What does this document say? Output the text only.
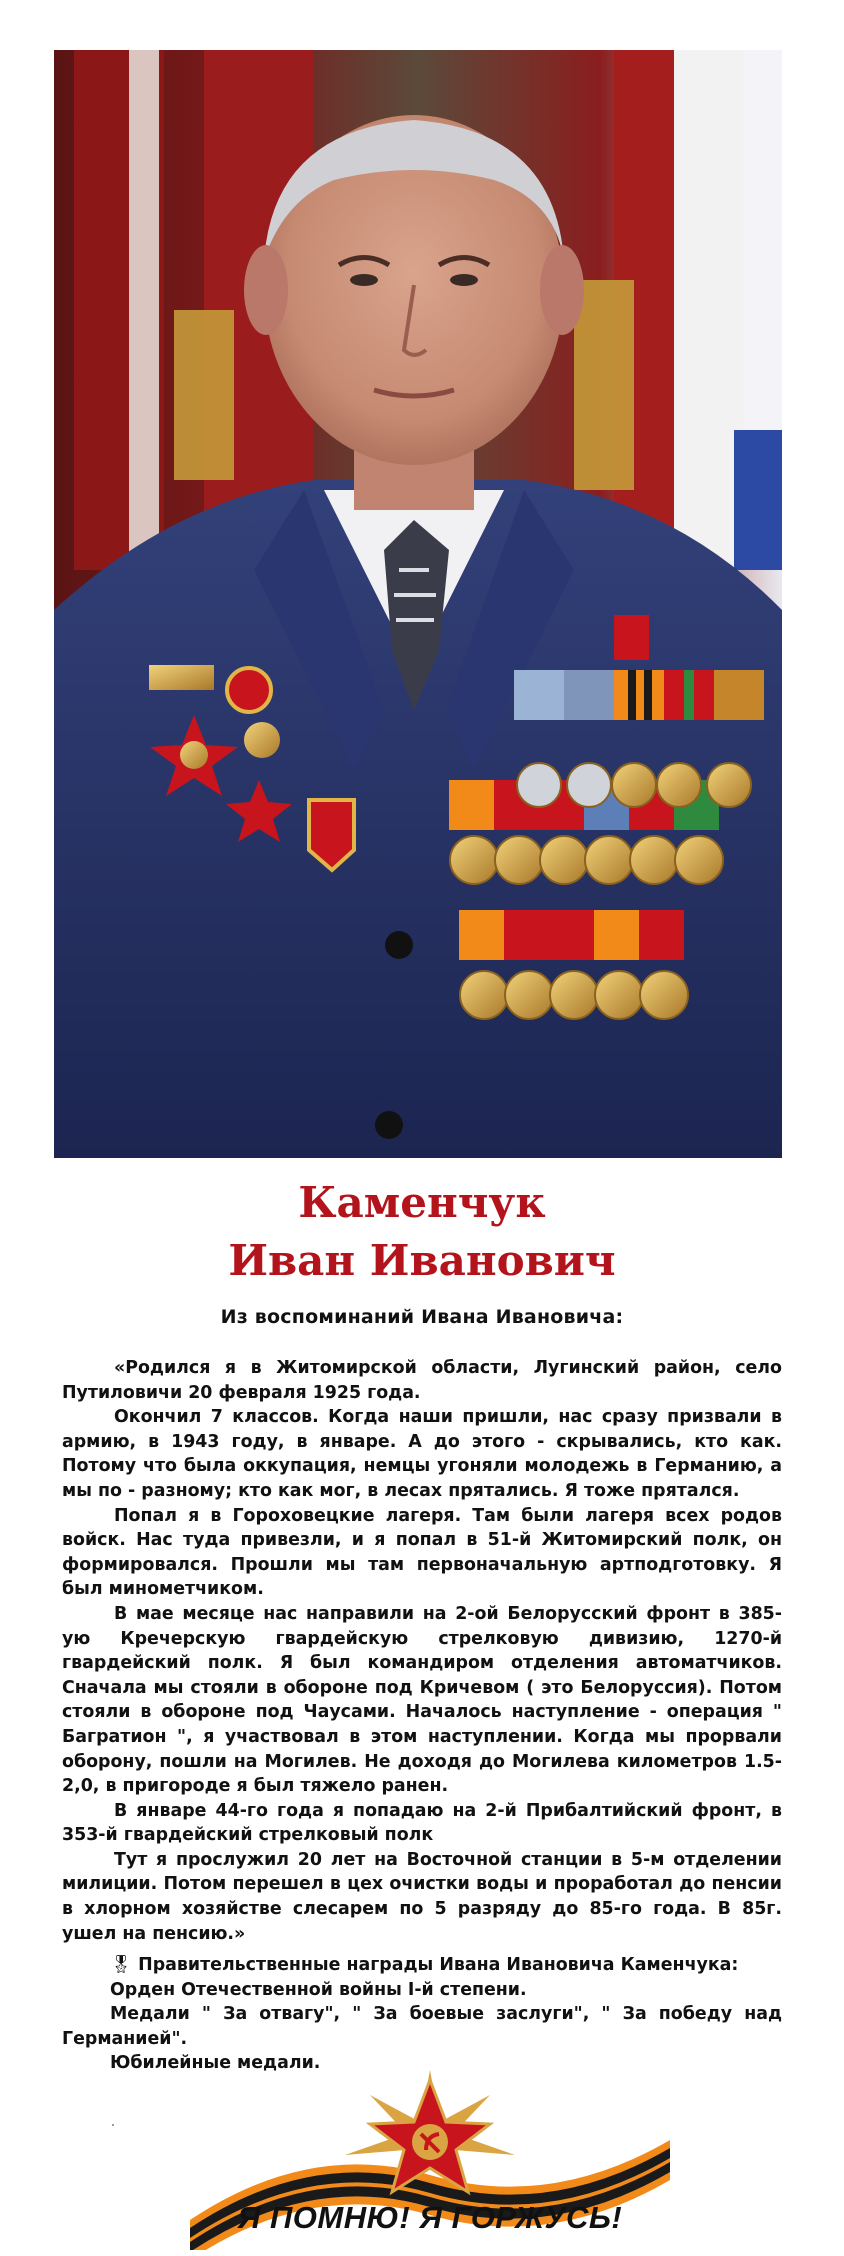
Каменчук
Иван Иванович
Из воспоминаний Ивана Ивановича:

«Родился я в Житомирской области, Лугинский район, село Путиловичи 20 февраля 1925 года.

Окончил 7 классов. Когда наши пришли, нас сразу призвали в армию, в 1943 году, в январе. А до этого - скрывались, кто как. Потому что была оккупация, немцы угоняли молодежь в Германию, а мы по - разному; кто как мог, в лесах прятались. Я тоже прятался.

Попал я в Гороховецкие лагеря. Там были лагеря всех родов войск. Нас туда привезли, и я попал в 51-й Житомирский полк, он формировался. Прошли мы там первоначальную артподготовку. Я был минометчиком.

В мае месяце нас направили на 2-ой Белорусский фронт в 385-ую Кречерскую гвардейскую стрелковую дивизию, 1270-й гвардейский полк. Я был командиром отделения автоматчиков. Сначала мы стояли в обороне под Кричевом ( это Белоруссия). Потом стояли в обороне под Чаусами. Началось наступление - операция " Багратион ", я участвовал в этом наступлении. Когда мы прорвали оборону, пошли на Могилев. Не доходя до Могилева километров 1.5-2,0, в пригороде я был тяжело ранен.

В январе 44-го года я попадаю на 2-й Прибалтийский фронт, в 353-й гвардейский стрелковый полк

Тут я прослужил 20 лет на Восточной станции в 5-м отделении милиции. Потом перешел в цех очистки воды и проработал до пенсии в хлорном хозяйстве слесарем по 5 разряду до 85-го года. В 85г. ушел на пенсию.»

🎖 Правительственные награды Ивана Ивановича Каменчука:

Орден Отечественной войны I-й степени.

Медали " За отвагу", " За боевые заслуги", " За победу над Германией".

Юбилейные медали.

Я ПОМНЮ! Я ГОРЖУСЬ!
